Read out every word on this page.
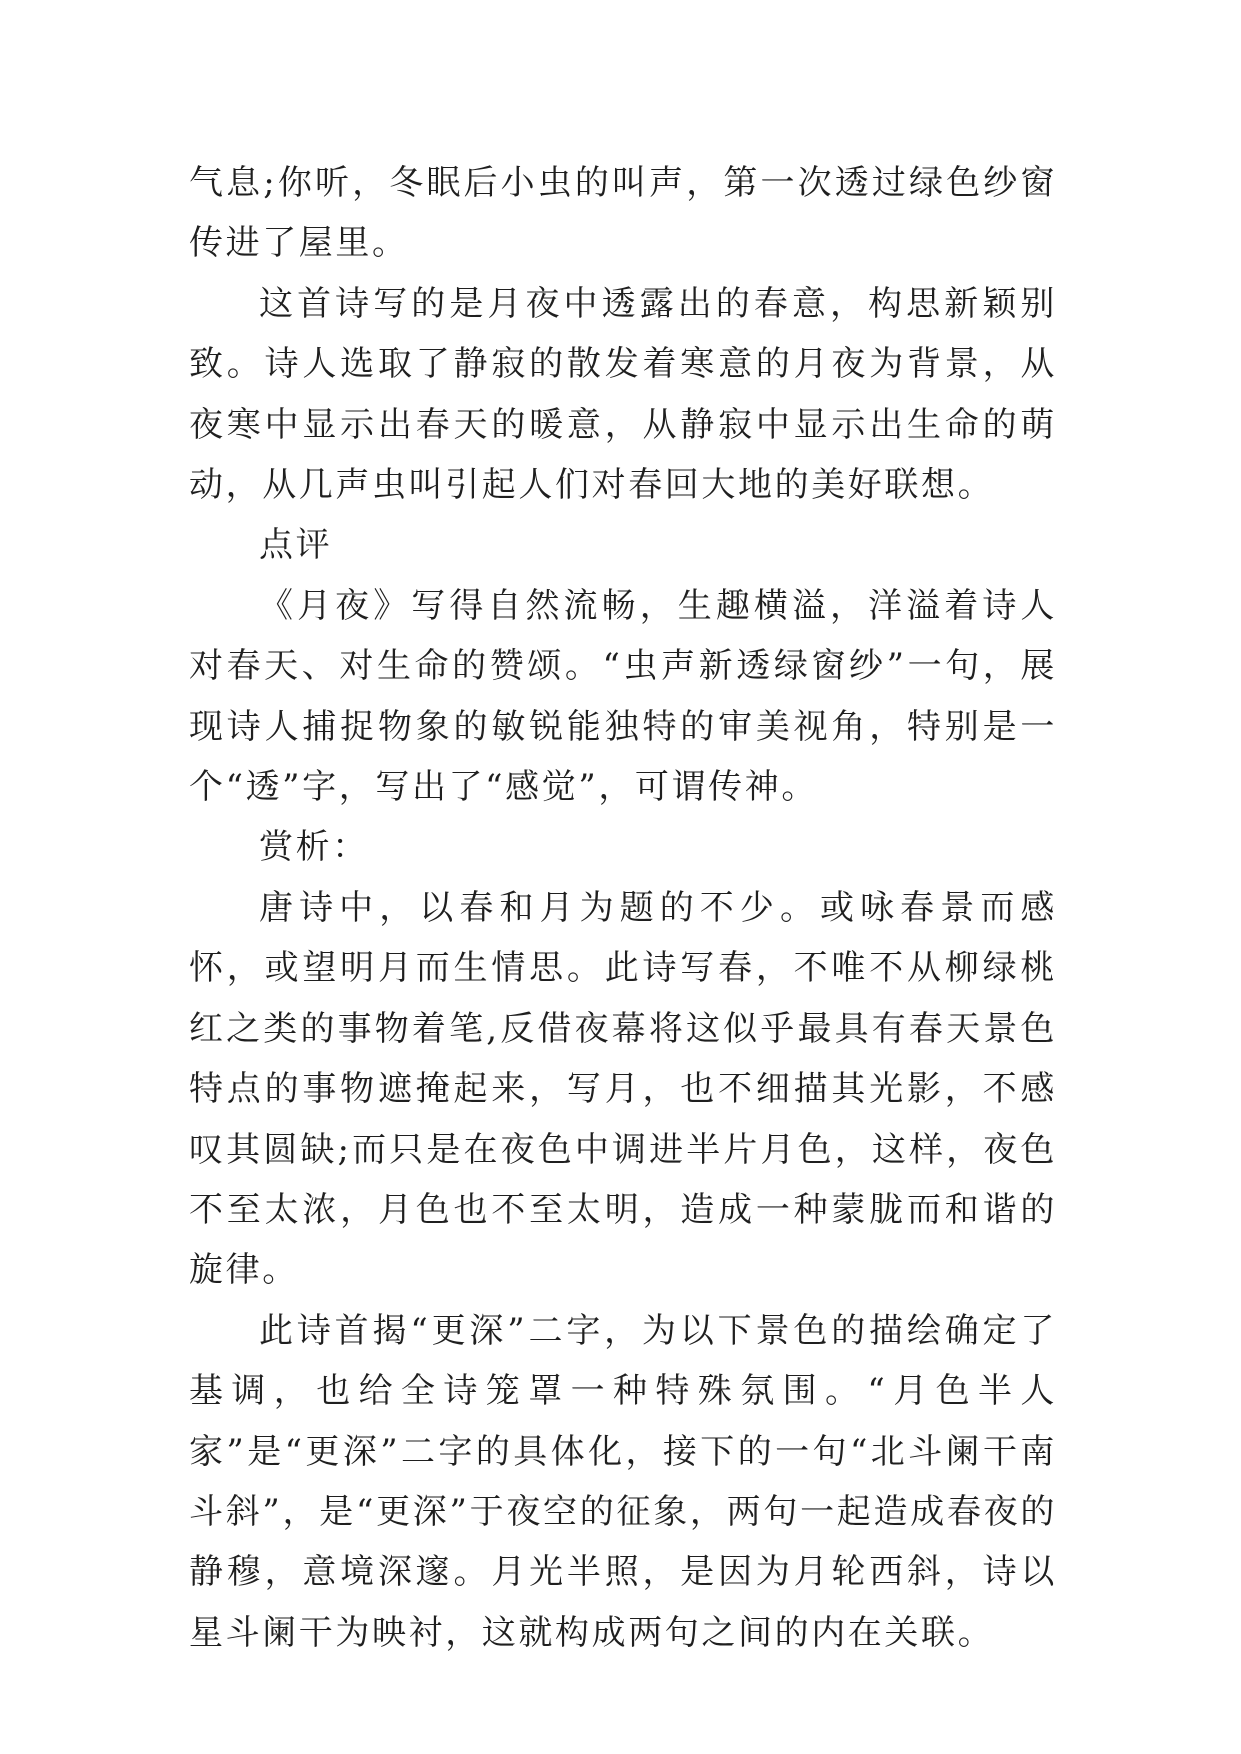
气息;你听，冬眠后小虫的叫声，第一次透过绿色纱窗传进了屋里。

这首诗写的是月夜中透露出的春意，构思新颖别致。诗人选取了静寂的散发着寒意的月夜为背景，从夜寒中显示出春天的暖意，从静寂中显示出生命的萌动，从几声虫叫引起人们对春回大地的美好联想。

点评

《月夜》写得自然流畅，生趣横溢，洋溢着诗人对春天、对生命的赞颂。“虫声新透绿窗纱”一句，展现诗人捕捉物象的敏锐能独特的审美视角，特别是一个“透”字，写出了“感觉”，可谓传神。

赏析：

唐诗中，以春和月为题的不少。或咏春景而感怀，或望明月而生情思。此诗写春，不唯不从柳绿桃红之类的事物着笔,反借夜幕将这似乎最具有春天景色特点的事物遮掩起来，写月，也不细描其光影，不感叹其圆缺;而只是在夜色中调进半片月色，这样，夜色不至太浓，月色也不至太明，造成一种蒙胧而和谐的旋律。

此诗首揭“更深”二字，为以下景色的描绘确定了基调，也给全诗笼罩一种特殊氛围。“月色半人家”是“更深”二字的具体化，接下的一句“北斗阑干南斗斜”，是“更深”于夜空的征象，两句一起造成春夜的静穆，意境深邃。月光半照，是因为月轮西斜，诗以星斗阑干为映衬，这就构成两句之间的内在关联。
